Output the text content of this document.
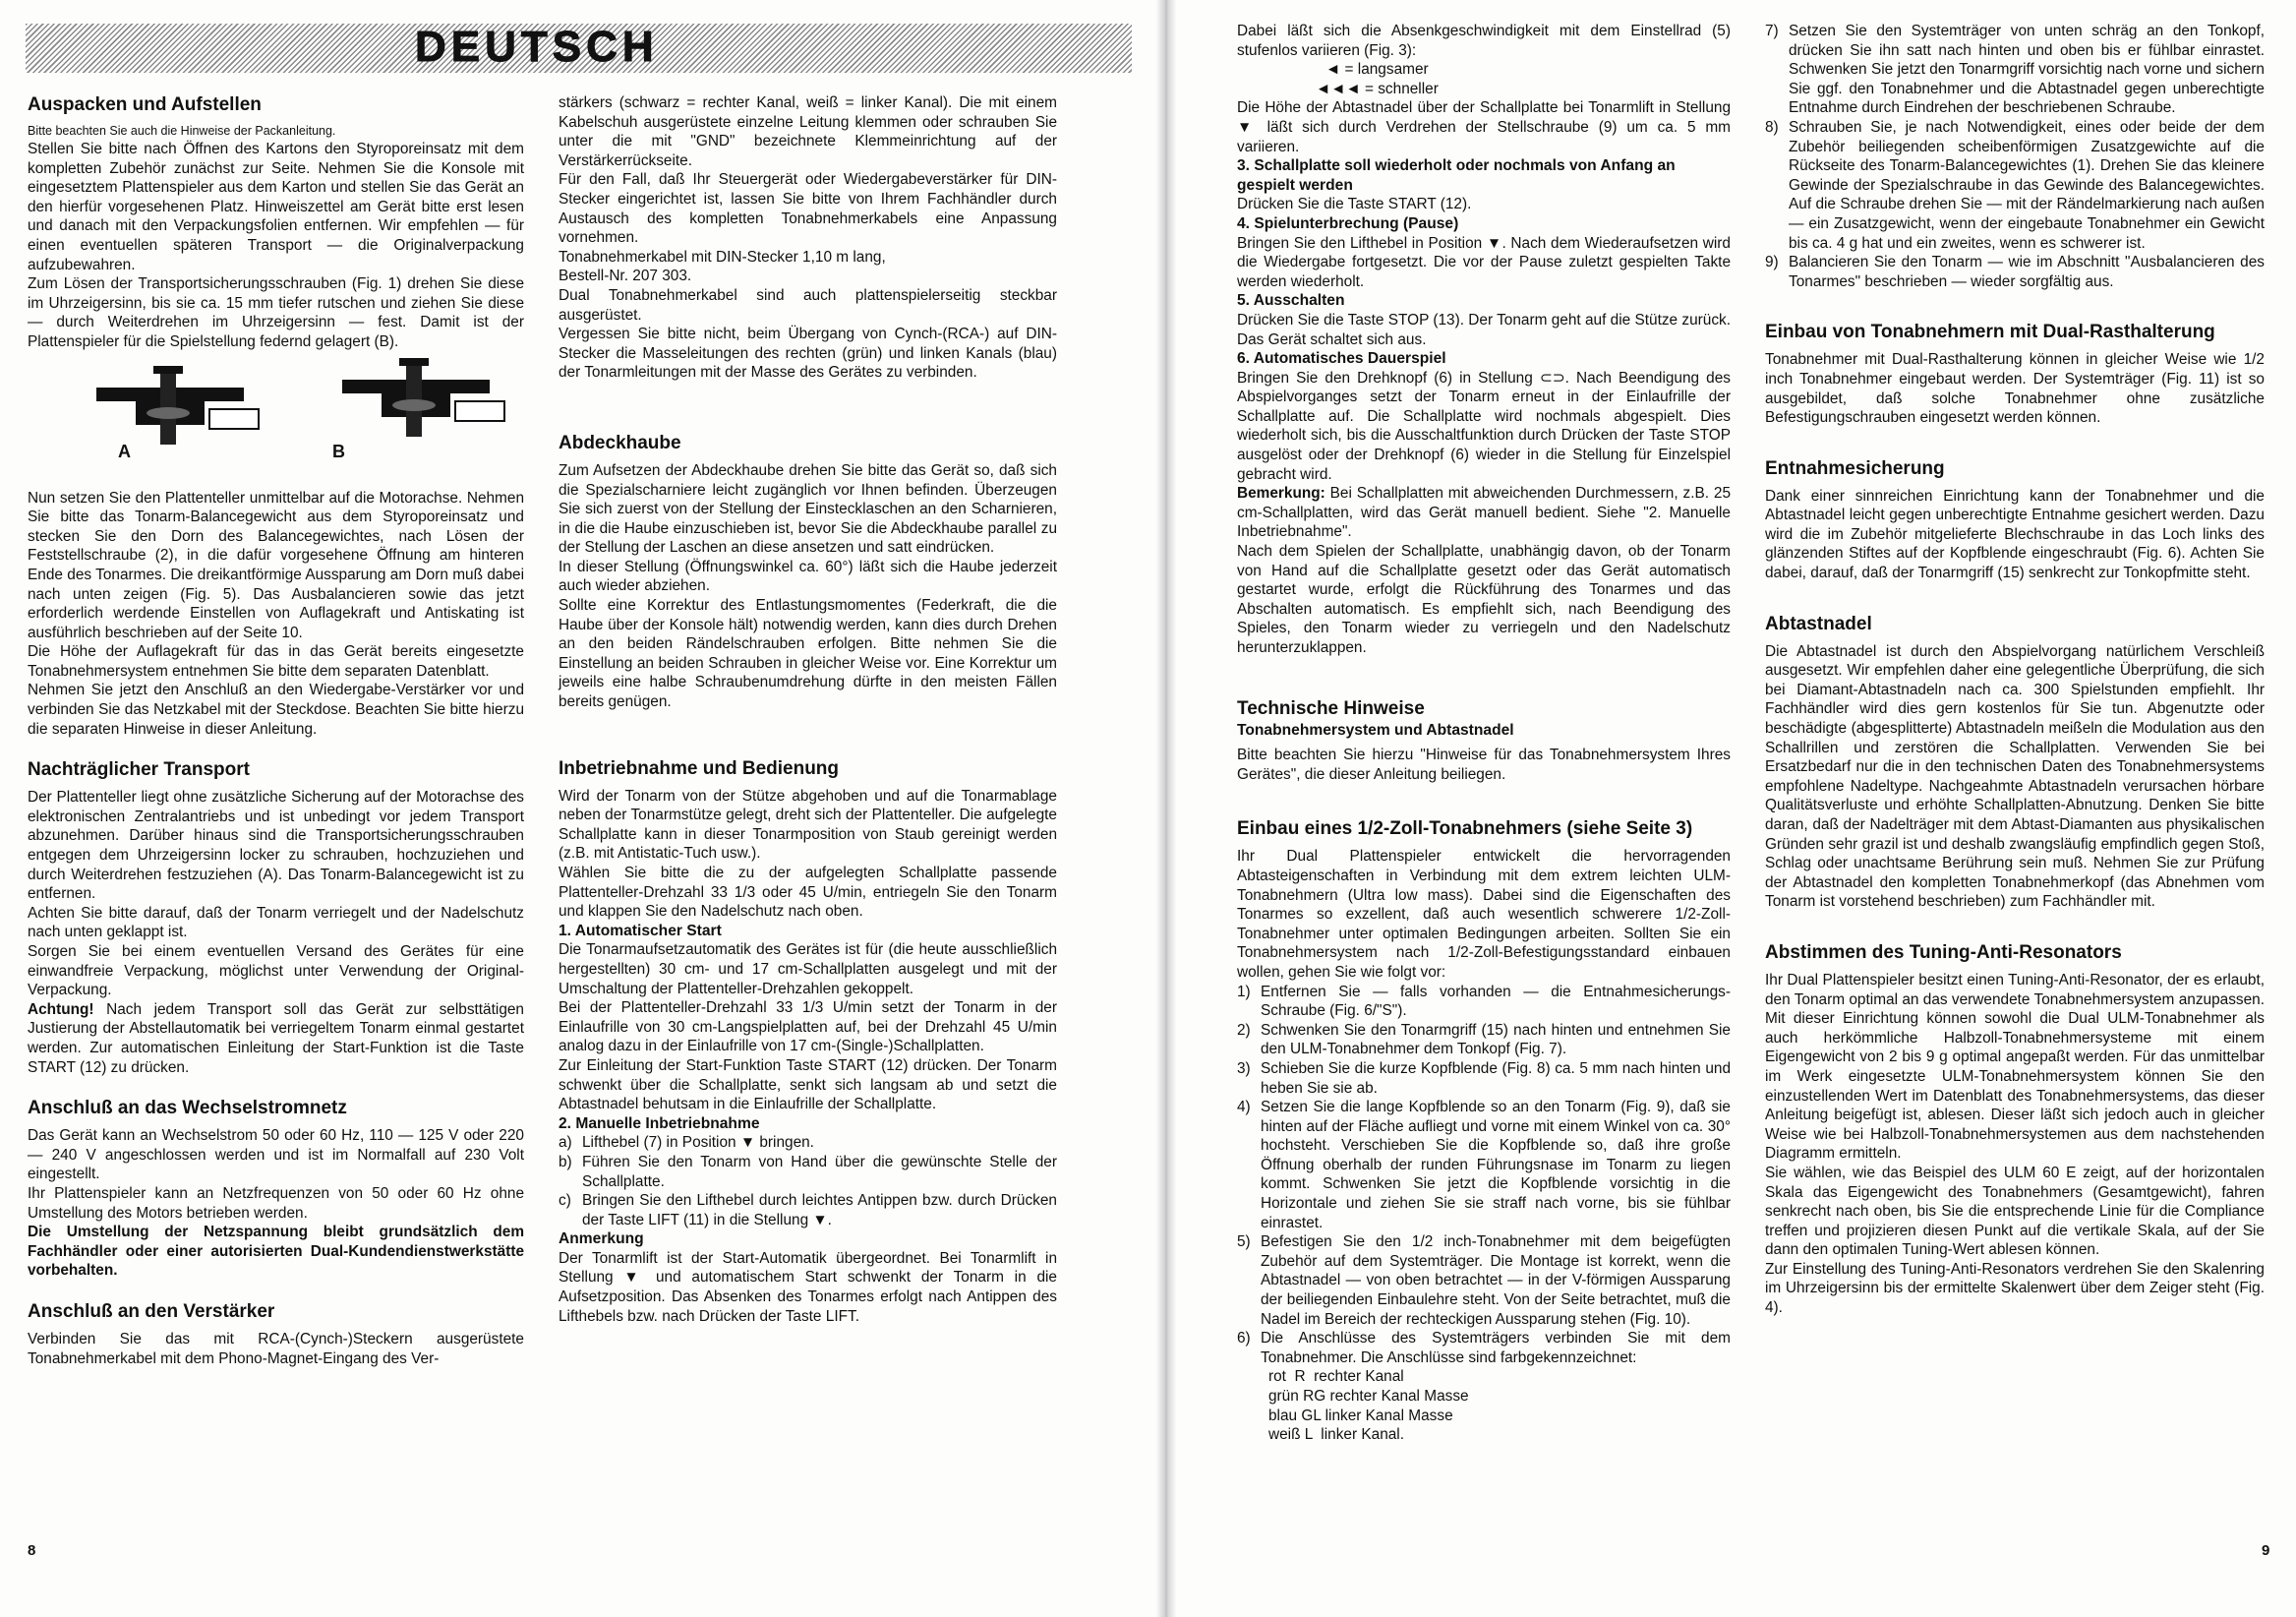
DEUTSCH
Auspacken und Aufstellen

Bitte beachten Sie auch die Hinweise der Packanleitung.

Stellen Sie bitte nach Öffnen des Kartons den Styroporeinsatz mit dem kompletten Zubehör zunächst zur Seite. Nehmen Sie die Konsole mit eingesetztem Plattenspieler aus dem Karton und stellen Sie das Gerät an den hierfür vorgesehenen Platz. Hinweiszettel am Gerät bitte erst lesen und danach mit den Verpackungsfolien entfernen. Wir empfehlen — für einen eventuellen späteren Transport — die Originalverpackung aufzubewahren.

Zum Lösen der Transportsicherungsschrauben (Fig. 1) drehen Sie diese im Uhrzeigersinn, bis sie ca. 15 mm tiefer rutschen und ziehen Sie diese — durch Weiterdrehen im Uhrzeigersinn — fest. Damit ist der Plattenspieler für die Spielstellung federnd gelagert (B).

A	B

Nun setzen Sie den Plattenteller unmittelbar auf die Motorachse. Nehmen Sie bitte das Tonarm-Balancegewicht aus dem Styroporeinsatz und stecken Sie den Dorn des Balancegewichtes, nach Lösen der Feststellschraube (2), in die dafür vorgesehene Öffnung am hinteren Ende des Tonarmes. Die dreikantförmige Aussparung am Dorn muß dabei nach unten zeigen (Fig. 5). Das Ausbalancieren sowie das jetzt erforderlich werdende Einstellen von Auflagekraft und Antiskating ist ausführlich beschrieben auf der Seite 10.

Die Höhe der Auflagekraft für das in das Gerät bereits eingesetzte Tonabnehmersystem entnehmen Sie bitte dem separaten Datenblatt.

Nehmen Sie jetzt den Anschluß an den Wiedergabe-Verstärker vor und verbinden Sie das Netzkabel mit der Steckdose. Beachten Sie bitte hierzu die separaten Hinweise in dieser Anleitung.

Nachträglicher Transport

Der Plattenteller liegt ohne zusätzliche Sicherung auf der Motorachse des elektronischen Zentralantriebs und ist unbedingt vor jedem Transport abzunehmen. Darüber hinaus sind die Transportsicherungsschrauben entgegen dem Uhrzeigersinn locker zu schrauben, hochzuziehen und durch Weiterdrehen festzuziehen (A). Das Tonarm-Balancegewicht ist zu entfernen.

Achten Sie bitte darauf, daß der Tonarm verriegelt und der Nadelschutz nach unten geklappt ist.

Sorgen Sie bei einem eventuellen Versand des Gerätes für eine einwandfreie Verpackung, möglichst unter Verwendung der Original-Verpackung.

Achtung! Nach jedem Transport soll das Gerät zur selbsttätigen Justierung der Abstellautomatik bei verriegeltem Tonarm einmal gestartet werden. Zur automatischen Einleitung der Start-Funktion ist die Taste START (12) zu drücken.

Anschluß an das Wechselstromnetz

Das Gerät kann an Wechselstrom 50 oder 60 Hz, 110 — 125 V oder 220 — 240 V angeschlossen werden und ist im Normalfall auf 230 Volt eingestellt.

Ihr Plattenspieler kann an Netzfrequenzen von 50 oder 60 Hz ohne Umstellung des Motors betrieben werden.

Die Umstellung der Netzspannung bleibt grundsätzlich dem Fachhändler oder einer autorisierten Dual-Kundendienstwerkstätte vorbehalten.

Anschluß an den Verstärker

Verbinden Sie das mit RCA-(Cynch-)Steckern ausgerüstete Tonabnehmerkabel mit dem Phono-Magnet-Eingang des Ver-

stärkers (schwarz = rechter Kanal, weiß = linker Kanal). Die mit einem Kabelschuh ausgerüstete einzelne Leitung klemmen oder schrauben Sie unter die mit "GND" bezeichnete Klemmeinrichtung auf der Verstärkerrückseite.

Für den Fall, daß Ihr Steuergerät oder Wiedergabeverstärker für DIN-Stecker eingerichtet ist, lassen Sie bitte von Ihrem Fachhändler durch Austausch des kompletten Tonabnehmerkabels eine Anpassung vornehmen.

Tonabnehmerkabel mit DIN-Stecker 1,10 m lang,

Bestell-Nr. 207 303.

Dual Tonabnehmerkabel sind auch plattenspielerseitig steckbar ausgerüstet.

Vergessen Sie bitte nicht, beim Übergang von Cynch-(RCA-) auf DIN-Stecker die Masseleitungen des rechten (grün) und linken Kanals (blau) der Tonarmleitungen mit der Masse des Gerätes zu verbinden.

Abdeckhaube

Zum Aufsetzen der Abdeckhaube drehen Sie bitte das Gerät so, daß sich die Spezialscharniere leicht zugänglich vor Ihnen befinden. Überzeugen Sie sich zuerst von der Stellung der Einstecklaschen an den Scharnieren, in die die Haube einzuschieben ist, bevor Sie die Abdeckhaube parallel zu der Stellung der Laschen an diese ansetzen und satt eindrücken.

In dieser Stellung (Öffnungswinkel ca. 60°) läßt sich die Haube jederzeit auch wieder abziehen.

Sollte eine Korrektur des Entlastungsmomentes (Federkraft, die die Haube über der Konsole hält) notwendig werden, kann dies durch Drehen an den beiden Rändelschrauben erfolgen. Bitte nehmen Sie die Einstellung an beiden Schrauben in gleicher Weise vor. Eine Korrektur um jeweils eine halbe Schraubenumdrehung dürfte in den meisten Fällen bereits genügen.

Inbetriebnahme und Bedienung

Wird der Tonarm von der Stütze abgehoben und auf die Tonarmablage neben der Tonarmstütze gelegt, dreht sich der Plattenteller. Die aufgelegte Schallplatte kann in dieser Tonarmposition von Staub gereinigt werden (z.B. mit Antistatic-Tuch usw.).

Wählen Sie bitte die zu der aufgelegten Schallplatte passende Plattenteller-Drehzahl 33 1/3 oder 45 U/min, entriegeln Sie den Tonarm und klappen Sie den Nadelschutz nach oben.

1. Automatischer Start

Die Tonarmaufsetzautomatik des Gerätes ist für (die heute ausschließlich hergestellten) 30 cm- und 17 cm-Schallplatten ausgelegt und mit der Umschaltung der Plattenteller-Drehzahlen gekoppelt.

Bei der Plattenteller-Drehzahl 33 1/3 U/min setzt der Tonarm in der Einlaufrille von 30 cm-Langspielplatten auf, bei der Drehzahl 45 U/min analog dazu in der Einlaufrille von 17 cm-(Single-)Schallplatten.

Zur Einleitung der Start-Funktion Taste START (12) drücken. Der Tonarm schwenkt über die Schallplatte, senkt sich langsam ab und setzt die Abtastnadel behutsam in die Einlaufrille der Schallplatte.

2. Manuelle Inbetriebnahme
a) Lifthebel (7) in Position ▼ bringen.
b) Führen Sie den Tonarm von Hand über die gewünschte Stelle der Schallplatte.
c) Bringen Sie den Lifthebel durch leichtes Antippen bzw. durch Drücken der Taste LIFT (11) in die Stellung ▼.
Anmerkung

Der Tonarmlift ist der Start-Automatik übergeordnet. Bei Tonarmlift in Stellung ▼ und automatischem Start schwenkt der Tonarm in die Aufsetzposition. Das Absenken des Tonarmes erfolgt nach Antippen des Lifthebels bzw. nach Drücken der Taste LIFT.

8

Dabei läßt sich die Absenkgeschwindigkeit mit dem Einstellrad (5) stufenlos variieren (Fig. 3):

◄ = langsamer

◄◄◄ = schneller

Die Höhe der Abtastnadel über der Schallplatte bei Tonarmlift in Stellung ▼ läßt sich durch Verdrehen der Stellschraube (9) um ca. 5 mm variieren.

3. Schallplatte soll wiederholt oder nochmals von Anfang an gespielt werden

Drücken Sie die Taste START (12).

4. Spielunterbrechung (Pause)

Bringen Sie den Lifthebel in Position ▼. Nach dem Wiederaufsetzen wird die Wiedergabe fortgesetzt. Die vor der Pause zuletzt gespielten Takte werden wiederholt.

5. Ausschalten

Drücken Sie die Taste STOP (13). Der Tonarm geht auf die Stütze zurück. Das Gerät schaltet sich aus.

6. Automatisches Dauerspiel

Bringen Sie den Drehknopf (6) in Stellung ⊂⊃. Nach Beendigung des Abspielvorganges setzt der Tonarm erneut in der Einlaufrille der Schallplatte auf. Die Schallplatte wird nochmals abgespielt. Dies wiederholt sich, bis die Ausschaltfunktion durch Drücken der Taste STOP ausgelöst oder der Drehknopf (6) wieder in die Stellung für Einzelspiel gebracht wird.

Bemerkung: Bei Schallplatten mit abweichenden Durchmessern, z.B. 25 cm-Schallplatten, wird das Gerät manuell bedient. Siehe "2. Manuelle Inbetriebnahme".

Nach dem Spielen der Schallplatte, unabhängig davon, ob der Tonarm von Hand auf die Schallplatte gesetzt oder das Gerät automatisch gestartet wurde, erfolgt die Rückführung des Tonarmes und das Abschalten automatisch. Es empfiehlt sich, nach Beendigung des Spieles, den Tonarm wieder zu verriegeln und den Nadelschutz herunterzuklappen.

Technische Hinweise
Tonabnehmersystem und Abtastnadel

Bitte beachten Sie hierzu "Hinweise für das Tonabnehmersystem Ihres Gerätes", die dieser Anleitung beiliegen.

Einbau eines 1/2-Zoll-Tonabnehmers (siehe Seite 3)

Ihr Dual Plattenspieler entwickelt die hervorragenden Abtasteigenschaften in Verbindung mit dem extrem leichten ULM-Tonabnehmern (Ultra low mass). Dabei sind die Eigenschaften des Tonarmes so exzellent, daß auch wesentlich schwerere 1/2-Zoll-Tonabnehmer unter optimalen Bedingungen arbeiten. Sollten Sie ein Tonabnehmersystem nach 1/2-Zoll-Befestigungsstandard einbauen wollen, gehen Sie wie folgt vor:

1) Entfernen Sie — falls vorhanden — die Entnahmesicherungs-Schraube (Fig. 6/"S").
2) Schwenken Sie den Tonarmgriff (15) nach hinten und entnehmen Sie den ULM-Tonabnehmer dem Tonkopf (Fig. 7).
3) Schieben Sie die kurze Kopfblende (Fig. 8) ca. 5 mm nach hinten und heben Sie sie ab.
4) Setzen Sie die lange Kopfblende so an den Tonarm (Fig. 9), daß sie hinten auf der Fläche aufliegt und vorne mit einem Winkel von ca. 30° hochsteht. Verschieben Sie die Kopfblende so, daß ihre große Öffnung oberhalb der runden Führungsnase im Tonarm zu liegen kommt. Schwenken Sie jetzt die Kopfblende vorsichtig in die Horizontale und ziehen Sie sie straff nach vorne, bis sie fühlbar einrastet.
5) Befestigen Sie den 1/2 inch-Tonabnehmer mit dem beigefügten Zubehör auf dem Systemträger. Die Montage ist korrekt, wenn die Abtastnadel — von oben betrachtet — in der V-förmigen Aussparung der beiliegenden Einbaulehre steht. Von der Seite betrachtet, muß die Nadel im Bereich der rechteckigen Aussparung stehen (Fig. 10).
6) Die Anschlüsse des Systemträgers verbinden Sie mit dem Tonabnehmer. Die Anschlüsse sind farbgekennzeichnet:

rot  R  rechter Kanal

grün RG rechter Kanal Masse

blau GL linker Kanal Masse

weiß L  linker Kanal.

7) Setzen Sie den Systemträger von unten schräg an den Tonkopf, drücken Sie ihn satt nach hinten und oben bis er fühlbar einrastet. Schwenken Sie jetzt den Tonarmgriff vorsichtig nach vorne und sichern Sie ggf. den Tonabnehmer und die Abtastnadel gegen unberechtigte Entnahme durch Eindrehen der beschriebenen Schraube.
8) Schrauben Sie, je nach Notwendigkeit, eines oder beide der dem Zubehör beiliegenden scheibenförmigen Zusatzgewichte auf die Rückseite des Tonarm-Balancegewichtes (1). Drehen Sie das kleinere Gewinde der Spezialschraube in das Gewinde des Balancegewichtes. Auf die Schraube drehen Sie — mit der Rändelmarkierung nach außen — ein Zusatzgewicht, wenn der eingebaute Tonabnehmer ein Gewicht bis ca. 4 g hat und ein zweites, wenn es schwerer ist.
9) Balancieren Sie den Tonarm — wie im Abschnitt "Ausbalancieren des Tonarmes" beschrieben — wieder sorgfältig aus.
Einbau von Tonabnehmern mit Dual-Rasthalterung

Tonabnehmer mit Dual-Rasthalterung können in gleicher Weise wie 1/2 inch Tonabnehmer eingebaut werden. Der Systemträger (Fig. 11) ist so ausgebildet, daß solche Tonabnehmer ohne zusätzliche Befestigungschrauben eingesetzt werden können.

Entnahmesicherung

Dank einer sinnreichen Einrichtung kann der Tonabnehmer und die Abtastnadel leicht gegen unberechtigte Entnahme gesichert werden. Dazu wird die im Zubehör mitgelieferte Blechschraube in das Loch links des glänzenden Stiftes auf der Kopfblende eingeschraubt (Fig. 6). Achten Sie dabei, darauf, daß der Tonarmgriff (15) senkrecht zur Tonkopfmitte steht.

Abtastnadel

Die Abtastnadel ist durch den Abspielvorgang natürlichem Verschleiß ausgesetzt. Wir empfehlen daher eine gelegentliche Überprüfung, die sich bei Diamant-Abtastnadeln nach ca. 300 Spielstunden empfiehlt. Ihr Fachhändler wird dies gern kostenlos für Sie tun. Abgenutzte oder beschädigte (abgesplitterte) Abtastnadeln meißeln die Modulation aus den Schallrillen und zerstören die Schallplatten. Verwenden Sie bei Ersatzbedarf nur die in den technischen Daten des Tonabnehmersystems empfohlene Nadeltype. Nachgeahmte Abtastnadeln verursachen hörbare Qualitätsverluste und erhöhte Schallplatten-Abnutzung. Denken Sie bitte daran, daß der Nadelträger mit dem Abtast-Diamanten aus physikalischen Gründen sehr grazil ist und deshalb zwangsläufig empfindlich gegen Stoß, Schlag oder unachtsame Berührung sein muß. Nehmen Sie zur Prüfung der Abtastnadel den kompletten Tonabnehmerkopf (das Abnehmen vom Tonarm ist vorstehend beschrieben) zum Fachhändler mit.

Abstimmen des Tuning-Anti-Resonators

Ihr Dual Plattenspieler besitzt einen Tuning-Anti-Resonator, der es erlaubt, den Tonarm optimal an das verwendete Tonabnehmersystem anzupassen. Mit dieser Einrichtung können sowohl die Dual ULM-Tonabnehmer als auch herkömmliche Halbzoll-Tonabnehmersysteme mit einem Eigengewicht von 2 bis 9 g optimal angepaßt werden. Für das unmittelbar im Werk eingesetzte ULM-Tonabnehmersystem können Sie den einzustellenden Wert im Datenblatt des Tonabnehmersystems, das dieser Anleitung beigefügt ist, ablesen. Dieser läßt sich jedoch auch in gleicher Weise wie bei Halbzoll-Tonabnehmersystemen aus dem nachstehenden Diagramm ermitteln.

Sie wählen, wie das Beispiel des ULM 60 E zeigt, auf der horizontalen Skala das Eigengewicht des Tonabnehmers (Gesamtgewicht), fahren senkrecht nach oben, bis Sie die entsprechende Linie für die Compliance treffen und projizieren diesen Punkt auf die vertikale Skala, auf der Sie dann den optimalen Tuning-Wert ablesen können.

Zur Einstellung des Tuning-Anti-Resonators verdrehen Sie den Skalenring im Uhrzeigersinn bis der ermittelte Skalenwert über dem Zeiger steht (Fig. 4).

9
